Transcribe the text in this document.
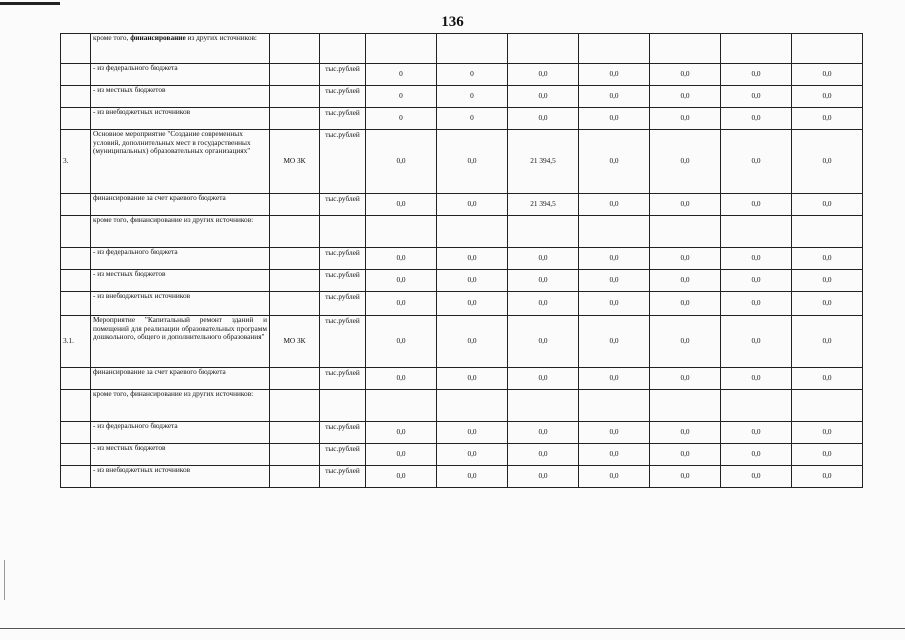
136
	кроме того, финансирование из других источников:									
	- из федерального бюджета		тыс.рублей	0	0	0,0	0,0	0,0	0,0	0,0
	- из местных бюджетов		тыс.рублей	0	0	0,0	0,0	0,0	0,0	0,0
	- из внебюджетных источников		тыс.рублей	0	0	0,0	0,0	0,0	0,0	0,0
3.	Основное мероприятие "Создание современных условий, дополнительных мест в государственных (муниципальных) образовательных организациях"	МО ЗК	тыс.рублей	0,0	0,0	21 394,5	0,0	0,0	0,0	0,0
	финансирование за счет краевого бюджета		тыс.рублей	0,0	0,0	21 394,5	0,0	0,0	0,0	0,0
	кроме того, финансирование из других источников:									
	- из федерального бюджета		тыс.рублей	0,0	0,0	0,0	0,0	0,0	0,0	0,0
	- из местных бюджетов		тыс.рублей	0,0	0,0	0,0	0,0	0,0	0,0	0,0
	- из внебюджетных источников		тыс.рублей	0,0	0,0	0,0	0,0	0,0	0,0	0,0
3.1.	Мероприятие "Капитальный ремонт зданий и помещений для реализации образовательных программ дошкольного, общего и дополнительного образования"	МО ЗК	тыс.рублей	0,0	0,0	0,0	0,0	0,0	0,0	0,0
	финансирование за счет краевого бюджета		тыс.рублей	0,0	0,0	0,0	0,0	0,0	0,0	0,0
	кроме того, финансирование из других источников:									
	- из федерального бюджета		тыс.рублей	0,0	0,0	0,0	0,0	0,0	0,0	0,0
	- из местных бюджетов		тыс.рублей	0,0	0,0	0,0	0,0	0,0	0,0	0,0
	- из внебюджетных источников		тыс.рублей	0,0	0,0	0,0	0,0	0,0	0,0	0,0
